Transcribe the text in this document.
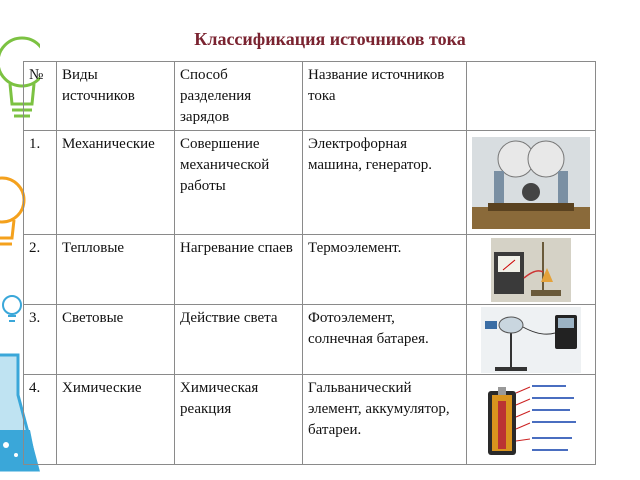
Классификация источников тока
№	Виды источников	Способ разделения зарядов	Название источников тока	
1.	Механические	Совершение механической работы	Электрофорная машина, генератор.	

2.	Тепловые	Нагревание спаев	Термоэлемент.	

3.	Световые	Действие света	Фотоэлемент, солнечная батарея.	

4.	Химические	Химическая реакция	Гальванический элемент, аккумулятор, батареи.	
